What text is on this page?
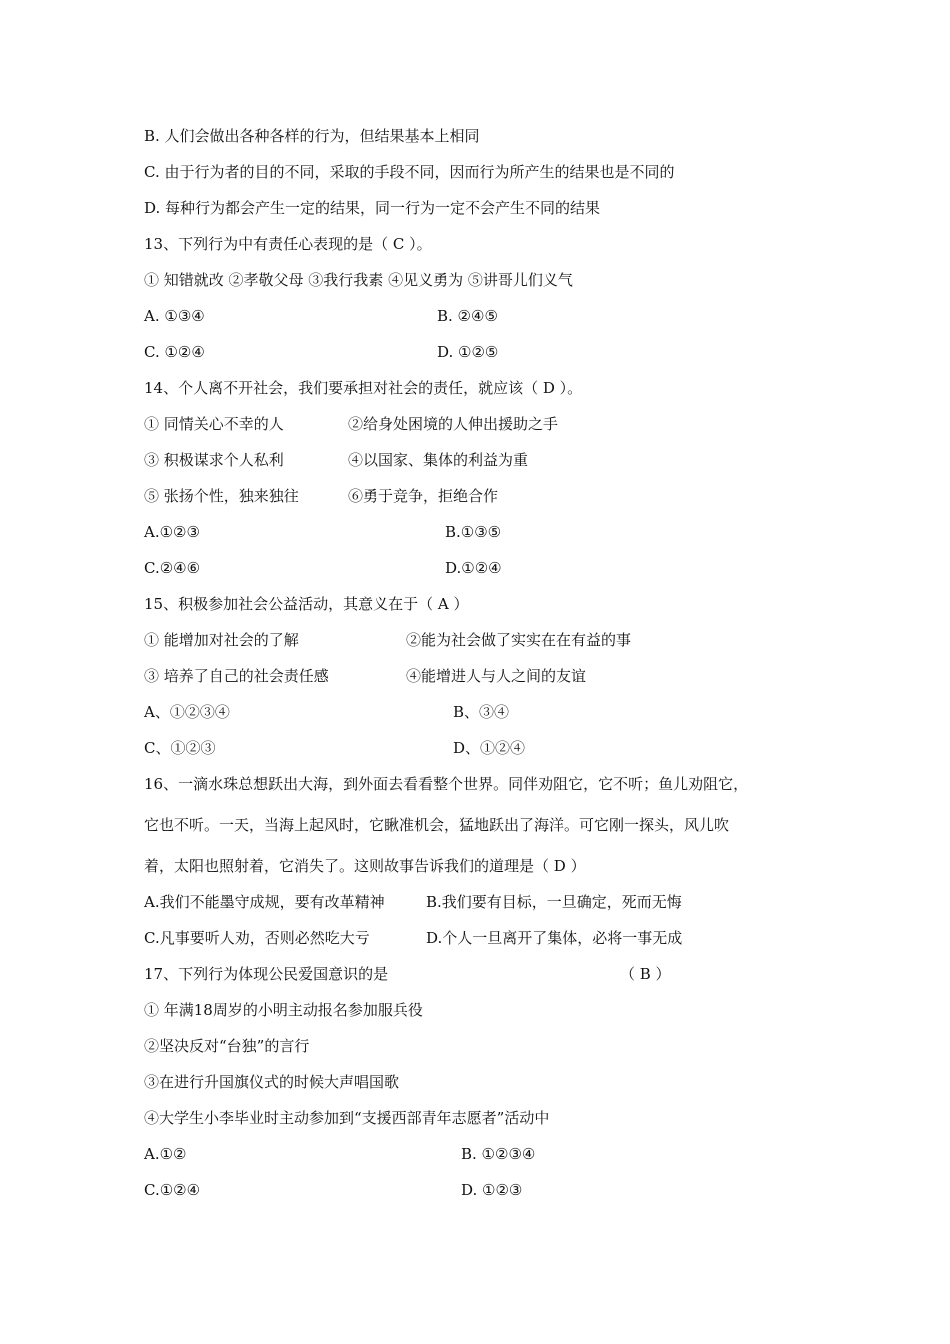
B. 人们会做出各种各样的行为，但结果基本上相同
C. 由于行为者的目的不同，采取的手段不同，因而行为所产生的结果也是不同的
D. 每种行为都会产生一定的结果，同一行为一定不会产生不同的结果
13、下列行为中有责任心表现的是（ C ）。
① 知错就改 ②孝敬父母 ③我行我素 ④见义勇为 ⑤讲哥儿们义气
A. ①③④	B. ②④⑤
C. ①②④	D. ①②⑤
14、个人离不开社会，我们要承担对社会的责任，就应该（ D ）。
① 同情关心不幸的人	②给身处困境的人伸出援助之手
③ 积极谋求个人私利	④以国家、集体的利益为重
⑤ 张扬个性，独来独往	⑥勇于竞争，拒绝合作
A.①②③	B.①③⑤
C.②④⑥	D.①②④
15、积极参加社会公益活动，其意义在于（ A ）
① 能增加对社会的了解	②能为社会做了实实在在有益的事
③ 培养了自己的社会责任感	④能增进人与人之间的友谊
A、①②③④	B、③④
C、①②③	D、①②④
16、一滴水珠总想跃出大海，到外面去看看整个世界。同伴劝阻它，它不听；鱼儿劝阻它，
它也不听。一天，当海上起风时，它瞅准机会，猛地跃出了海洋。可它刚一探头，风儿吹
着，太阳也照射着，它消失了。这则故事告诉我们的道理是（ D ）
A.我们不能墨守成规，要有改革精神	B.我们要有目标，一旦确定，死而无悔
C.凡事要听人劝，否则必然吃大亏	D.个人一旦离开了集体，必将一事无成
17、下列行为体现公民爱国意识的是	（ B ）
① 年满18周岁的小明主动报名参加服兵役
②坚决反对“台独”的言行
③在进行升国旗仪式的时候大声唱国歌
④大学生小李毕业时主动参加到“支援西部青年志愿者”活动中
A.①②	B. ①②③④
C.①②④	D. ①②③
